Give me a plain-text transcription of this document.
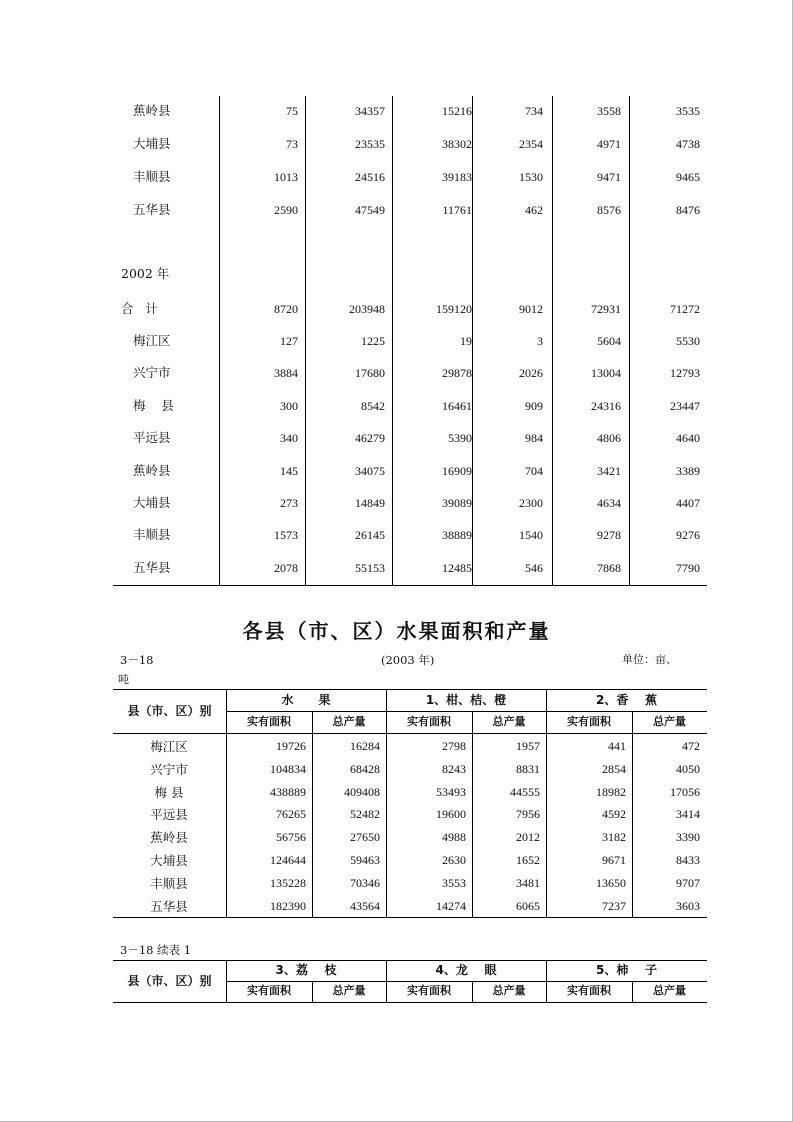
蕉岭县	75	34357	15216	734	3558	3535
大埔县	73	23535	38302	2354	4971	4738
丰顺县	1013	24516	39183	1530	9471	9465
五华县	2590	47549	11761	462	8576	8476
2002 年
合   计	8720	203948	159120	9012	72931	71272
梅江区	127	1225	19	3	5604	5530
兴宁市	3884	17680	29878	2026	13004	12793
梅    县	300	8542	16461	909	24316	23447
平远县	340	46279	5390	984	4806	4640
蕉岭县	145	34075	16909	704	3421	3389
大埔县	273	14849	39089	2300	4634	4407
丰顺县	1573	26145	38889	1540	9278	9276
五华县	2078	55153	12485	546	7868	7790
各县（市、区）水果面积和产量
3－18	(2003 年)	单位：亩、
吨
县（市、区）别
水      果	1、柑、桔、橙	2、香    蕉
实有面积	总产量	实有面积	总产量	实有面积	总产量
梅江区	19726	16284	2798	1957	441	472
兴宁市	104834	68428	8243	8831	2854	4050
梅 县	438889	409408	53493	44555	18982	17056
平远县	76265	52482	19600	7956	4592	3414
蕉岭县	56756	27650	4988	2012	3182	3390
大埔县	124644	59463	2630	1652	9671	8433
丰顺县	135228	70346	3553	3481	13650	9707
五华县	182390	43564	14274	6065	7237	3603
3－18 续表 1
县（市、区）别
3、荔    枝	4、龙    眼	5、柿    子
实有面积	总产量	实有面积	总产量	实有面积	总产量
